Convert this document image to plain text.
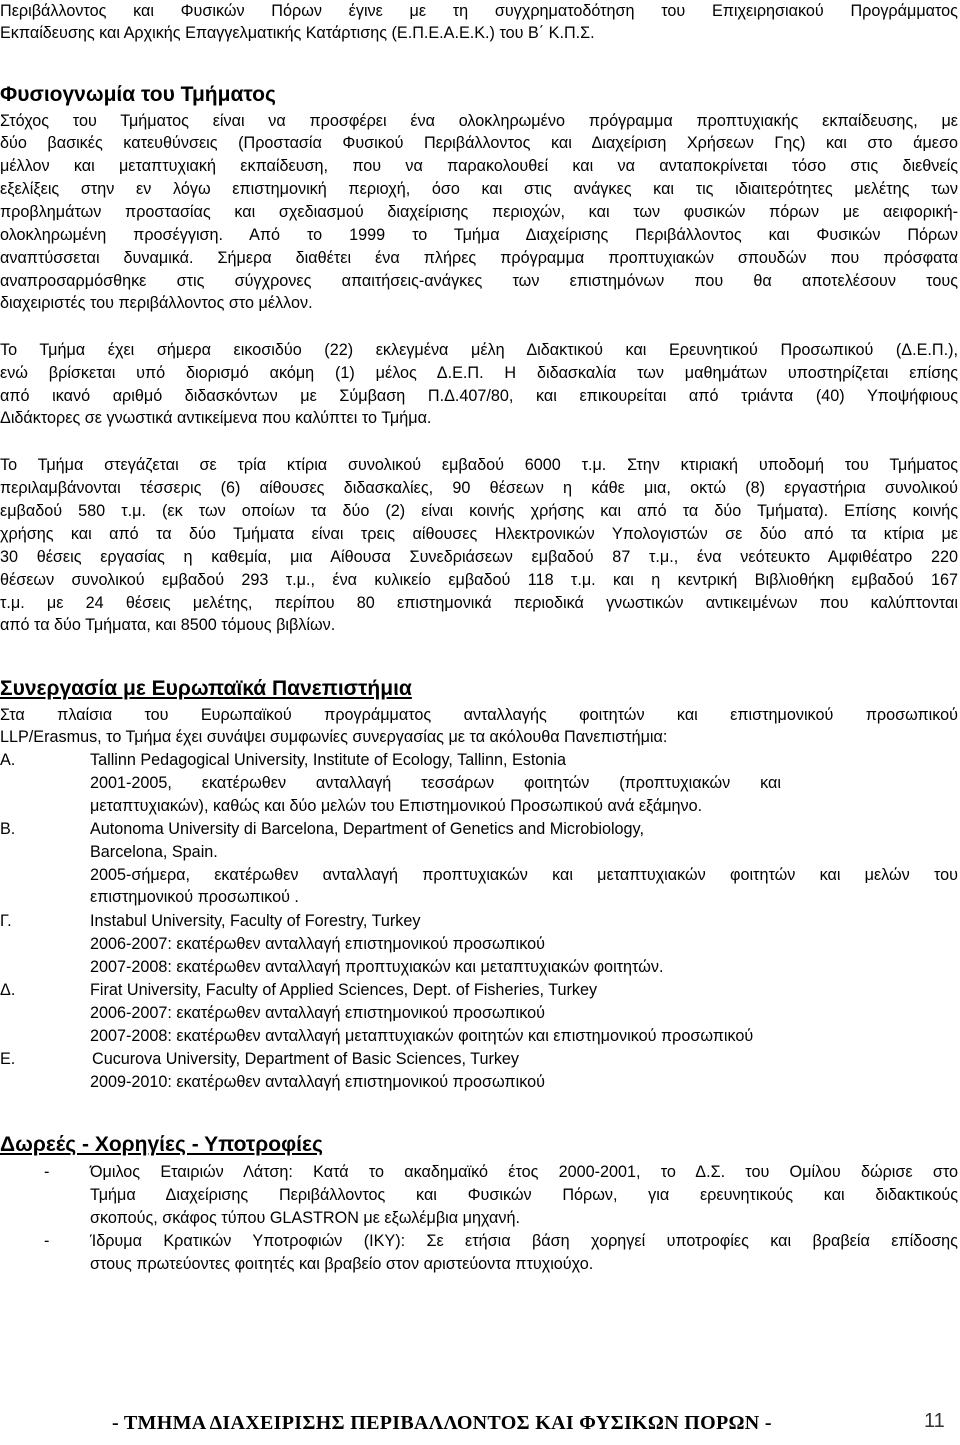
Περιβάλλοντος και Φυσικών Πόρων έγινε με τη συγχρηματοδότηση του Επιχειρησιακού Προγράμματος
Εκπαίδευσης και Αρχικής Επαγγελματικής Κατάρτισης (Ε.Π.Ε.Α.Ε.Κ.) του Β΄ Κ.Π.Σ.
Φυσιογνωμία του Τμήματος
Στόχος του Τμήματος είναι να προσφέρει ένα ολοκληρωμένο πρόγραμμα προπτυχιακής εκπαίδευσης, με
δύο βασικές κατευθύνσεις (Προστασία Φυσικού Περιβάλλοντος και Διαχείριση Χρήσεων Γης) και στο άμεσο
μέλλον και μεταπτυχιακή εκπαίδευση, που να παρακολουθεί και να ανταποκρίνεται τόσο στις διεθνείς
εξελίξεις στην εν λόγω επιστημονική περιοχή, όσο και στις ανάγκες και τις ιδιαιτερότητες μελέτης των
προβλημάτων προστασίας και σχεδιασμού διαχείρισης περιοχών, και των φυσικών πόρων με αειφορική-
ολοκληρωμένη προσέγγιση. Από το 1999 το Τμήμα Διαχείρισης Περιβάλλοντος και Φυσικών Πόρων
αναπτύσσεται δυναμικά. Σήμερα διαθέτει ένα πλήρες πρόγραμμα προπτυχιακών σπουδών που πρόσφατα
αναπροσαρμόσθηκε στις σύγχρονες απαιτήσεις-ανάγκες των επιστημόνων που θα αποτελέσουν τους
διαχειριστές του περιβάλλοντος στο μέλλον.
Το Τμήμα έχει σήμερα εικοσιδύο (22) εκλεγμένα μέλη Διδακτικού και Ερευνητικού Προσωπικού (Δ.Ε.Π.),
ενώ βρίσκεται υπό διορισμό ακόμη (1) μέλος Δ.Ε.Π. Η διδασκαλία των μαθημάτων υποστηρίζεται επίσης
από ικανό αριθμό διδασκόντων με Σύμβαση Π.Δ.407/80, και επικουρείται από τριάντα (40) Υποψήφιους
Διδάκτορες σε γνωστικά αντικείμενα που καλύπτει το Τμήμα.
Το Τμήμα στεγάζεται σε τρία κτίρια συνολικού εμβαδού 6000 τ.μ. Στην κτιριακή υποδομή του Τμήματος
περιλαμβάνονται τέσσερις (6) αίθουσες διδασκαλίες, 90 θέσεων η κάθε μια, οκτώ (8) εργαστήρια συνολικού
εμβαδού 580 τ.μ. (εκ των οποίων τα δύο (2) είναι κοινής χρήσης και από τα δύο Τμήματα). Επίσης κοινής
χρήσης και από τα δύο Τμήματα είναι τρεις αίθουσες Ηλεκτρονικών Υπολογιστών σε δύο από τα κτίρια με
30 θέσεις εργασίας η καθεμία, μια Αίθουσα Συνεδριάσεων εμβαδού 87 τ.μ., ένα νεότευκτο Αμφιθέατρο 220
θέσεων συνολικού εμβαδού 293 τ.μ., ένα κυλικείο εμβαδού 118 τ.μ. και η κεντρική Βιβλιοθήκη εμβαδού 167
τ.μ. με 24 θέσεις μελέτης, περίπου 80 επιστημονικά περιοδικά γνωστικών αντικειμένων που καλύπτονται
από τα δύο Τμήματα, και 8500 τόμους βιβλίων.
Συνεργασία με Ευρωπαϊκά Πανεπιστήμια
Στα πλαίσια του Ευρωπαϊκού προγράμματος ανταλλαγής φοιτητών και επιστημονικού προσωπικού
LLP/Erasmus, το Τμήμα έχει συνάψει συμφωνίες συνεργασίας με τα ακόλουθα Πανεπιστήμια:
Α.	Tallinn Pedagogical University, Institute of Ecology, Tallinn, Estonia
2001-2005, εκατέρωθεν ανταλλαγή τεσσάρων φοιτητών (προπτυχιακών και
μεταπτυχιακών), καθώς και δύο μελών του Επιστημονικού Προσωπικού ανά εξάμηνο.
Β.	Autonoma University di Barcelona, Department of Genetics and Microbiology,
Barcelona, Spain.
2005-σήμερα, εκατέρωθεν ανταλλαγή προπτυχιακών και μεταπτυχιακών φοιτητών και μελών του
επιστημονικού προσωπικού .
Γ.	Instabul University, Faculty of Forestry, Turkey
2006-2007: εκατέρωθεν ανταλλαγή επιστημονικού προσωπικού
2007-2008: εκατέρωθεν ανταλλαγή προπτυχιακών και μεταπτυχιακών φοιτητών.
Δ.	Firat University, Faculty of Applied Sciences, Dept. of Fisheries, Turkey
2006-2007: εκατέρωθεν ανταλλαγή επιστημονικού προσωπικού
2007-2008: εκατέρωθεν ανταλλαγή μεταπτυχιακών φοιτητών και επιστημονικού προσωπικού
Ε.	Cucurova University, Department of Basic Sciences, Turkey
2009-2010: εκατέρωθεν ανταλλαγή επιστημονικού προσωπικού
Δωρεές - Χορηγίες - Υποτροφίες
-	Όμιλος Εταιριών Λάτση: Κατά το ακαδημαϊκό έτος 2000-2001, το Δ.Σ. του Ομίλου δώρισε στο
Τμήμα Διαχείρισης Περιβάλλοντος και Φυσικών Πόρων, για ερευνητικούς και διδακτικούς
σκοπούς, σκάφος τύπου GLASTRON με εξωλέμβια μηχανή.
-	Ίδρυμα Κρατικών Υποτροφιών (ΙΚΥ): Σε ετήσια βάση χορηγεί υποτροφίες και βραβεία επίδοσης
στους πρωτεύοντες φοιτητές και βραβείο στον αριστεύοντα πτυχιούχο.
- ΤΜΗΜΑ ΔΙΑΧΕΙΡΙΣΗΣ ΠΕΡΙΒΑΛΛΟΝΤΟΣ ΚΑΙ ΦΥΣΙΚΩΝ ΠΟΡΩΝ -	11
